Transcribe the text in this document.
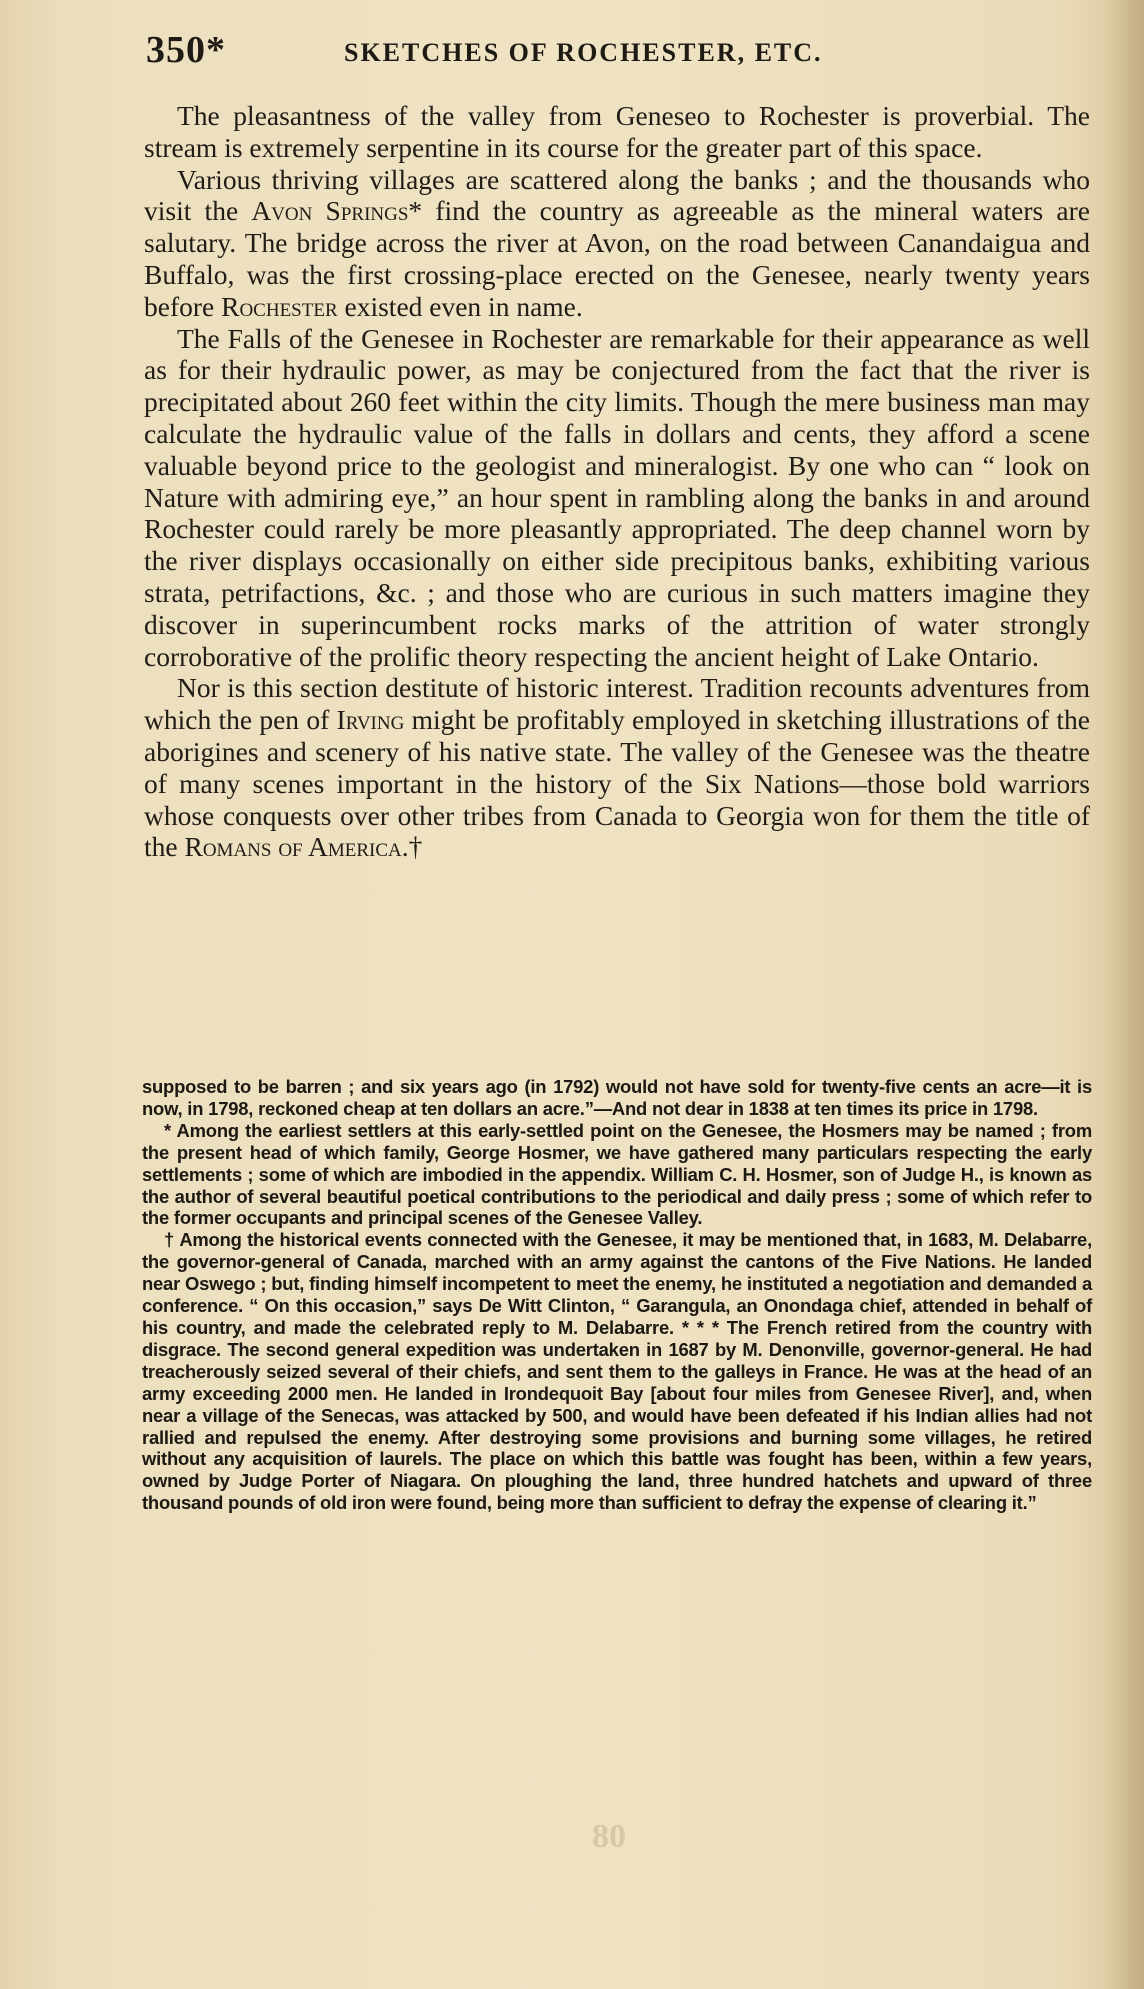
350*	SKETCHES OF ROCHESTER, ETC.

The pleasantness of the valley from Geneseo to Rochester is proverbial. The stream is extremely serpentine in its course for the greater part of this space.

Various thriving villages are scattered along the banks ; and the thousands who visit the Avon Springs* find the country as agreeable as the mineral waters are salutary. The bridge across the river at Avon, on the road between Canandaigua and Buffalo, was the first crossing-place erected on the Genesee, nearly twenty years before Rochester existed even in name.

The Falls of the Genesee in Rochester are remarkable for their appearance as well as for their hydraulic power, as may be conjectured from the fact that the river is precipitated about 260 feet within the city limits. Though the mere business man may calculate the hydraulic value of the falls in dollars and cents, they afford a scene valuable beyond price to the geologist and mineralogist. By one who can “ look on Nature with admiring eye,” an hour spent in rambling along the banks in and around Rochester could rarely be more pleasantly appropriated. The deep channel worn by the river displays occasionally on either side precipitous banks, exhibiting various strata, petrifactions, &c. ; and those who are curious in such matters imagine they discover in superincumbent rocks marks of the attrition of water strongly corroborative of the prolific theory respecting the ancient height of Lake Ontario.

Nor is this section destitute of historic interest. Tradition recounts adventures from which the pen of Irving might be profitably employed in sketching illustrations of the aborigines and scenery of his native state. The valley of the Genesee was the theatre of many scenes important in the history of the Six Nations—those bold warriors whose conquests over other tribes from Canada to Georgia won for them the title of the Romans of America.†

supposed to be barren ; and six years ago (in 1792) would not have sold for twenty-five cents an acre—it is now, in 1798, reckoned cheap at ten dollars an acre.”—And not dear in 1838 at ten times its price in 1798.

* Among the earliest settlers at this early-settled point on the Genesee, the Hosmers may be named ; from the present head of which family, George Hosmer, we have gathered many particulars respecting the early settlements ; some of which are imbodied in the appendix. William C. H. Hosmer, son of Judge H., is known as the author of several beautiful poetical contributions to the periodical and daily press ; some of which refer to the former occupants and principal scenes of the Genesee Valley.

† Among the historical events connected with the Genesee, it may be mentioned that, in 1683, M. Delabarre, the governor-general of Canada, marched with an army against the cantons of the Five Nations. He landed near Oswego ; but, finding himself incompetent to meet the enemy, he instituted a negotiation and demanded a conference. “ On this occasion,” says De Witt Clinton, “ Garangula, an Onondaga chief, attended in behalf of his country, and made the celebrated reply to M. Delabarre. * * * The French retired from the country with disgrace. The second general expedition was undertaken in 1687 by M. Denonville, governor-general. He had treacherously seized several of their chiefs, and sent them to the galleys in France. He was at the head of an army exceeding 2000 men. He landed in Irondequoit Bay [about four miles from Genesee River], and, when near a village of the Senecas, was attacked by 500, and would have been defeated if his Indian allies had not rallied and repulsed the enemy. After destroying some provisions and burning some villages, he retired without any acquisition of laurels. The place on which this battle was fought has been, within a few years, owned by Judge Porter of Niagara. On ploughing the land, three hundred hatchets and upward of three thousand pounds of old iron were found, being more than sufficient to defray the expense of clearing it.”

08
